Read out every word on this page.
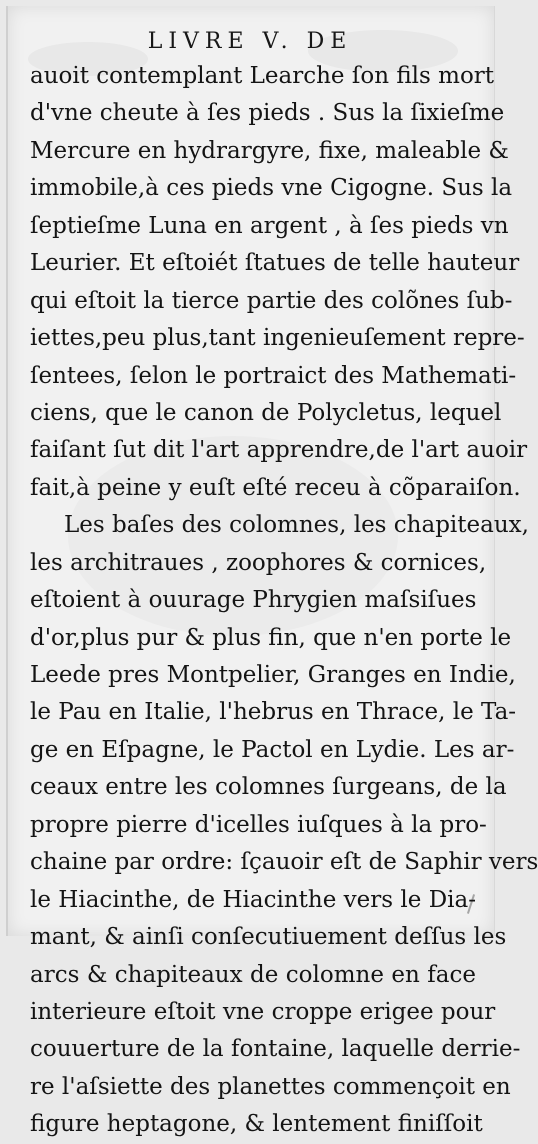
LIVRE V. DE
auoit contemplant Learche ſon fils mort
d'vne cheute à ſes pieds . Sus la ſixieſme
Mercure en hydrargyre, fixe, maleable &
immobile,à ces pieds vne Cigogne. Sus la
ſeptieſme Luna en argent , à ſes pieds vn
Leurier. Et eſtoiét ſtatues de telle hauteur
qui eſtoit la tierce partie des colõnes ſub-
iettes,peu plus,tant ingenieuſement repre-
ſentees, ſelon le portraict des Mathemati-
ciens, que le canon de Polycletus, lequel
faiſant ſut dit l'art apprendre,de l'art auoir
fait,à peine y euſt eſté receu à cõparaiſon.
Les baſes des colomnes, les chapiteaux,
les architraues , zoophores & cornices,
eſtoient à ouurage Phrygien maſsiſues
d'or,plus pur & plus fin, que n'en porte le
Leede pres Montpelier, Granges en Indie,
le Pau en Italie, l'hebrus en Thrace, le Ta-
ge en Eſpagne, le Pactol en Lydie. Les ar-
ceaux entre les colomnes ſurgeans, de la
propre pierre d'icelles iuſques à la pro-
chaine par ordre: ſçauoir eſt de Saphir vers
le Hiacinthe, de Hiacinthe vers le Dia-
mant, & ainſi conſecutiuement deſſus les
arcs & chapiteaux de colomne en face
interieure eſtoit vne croppe erigee pour
couuerture de la fontaine, laquelle derrie-
re l'aſsiette des planettes commençoit en
figure heptagone, & lentement finiſſoit
